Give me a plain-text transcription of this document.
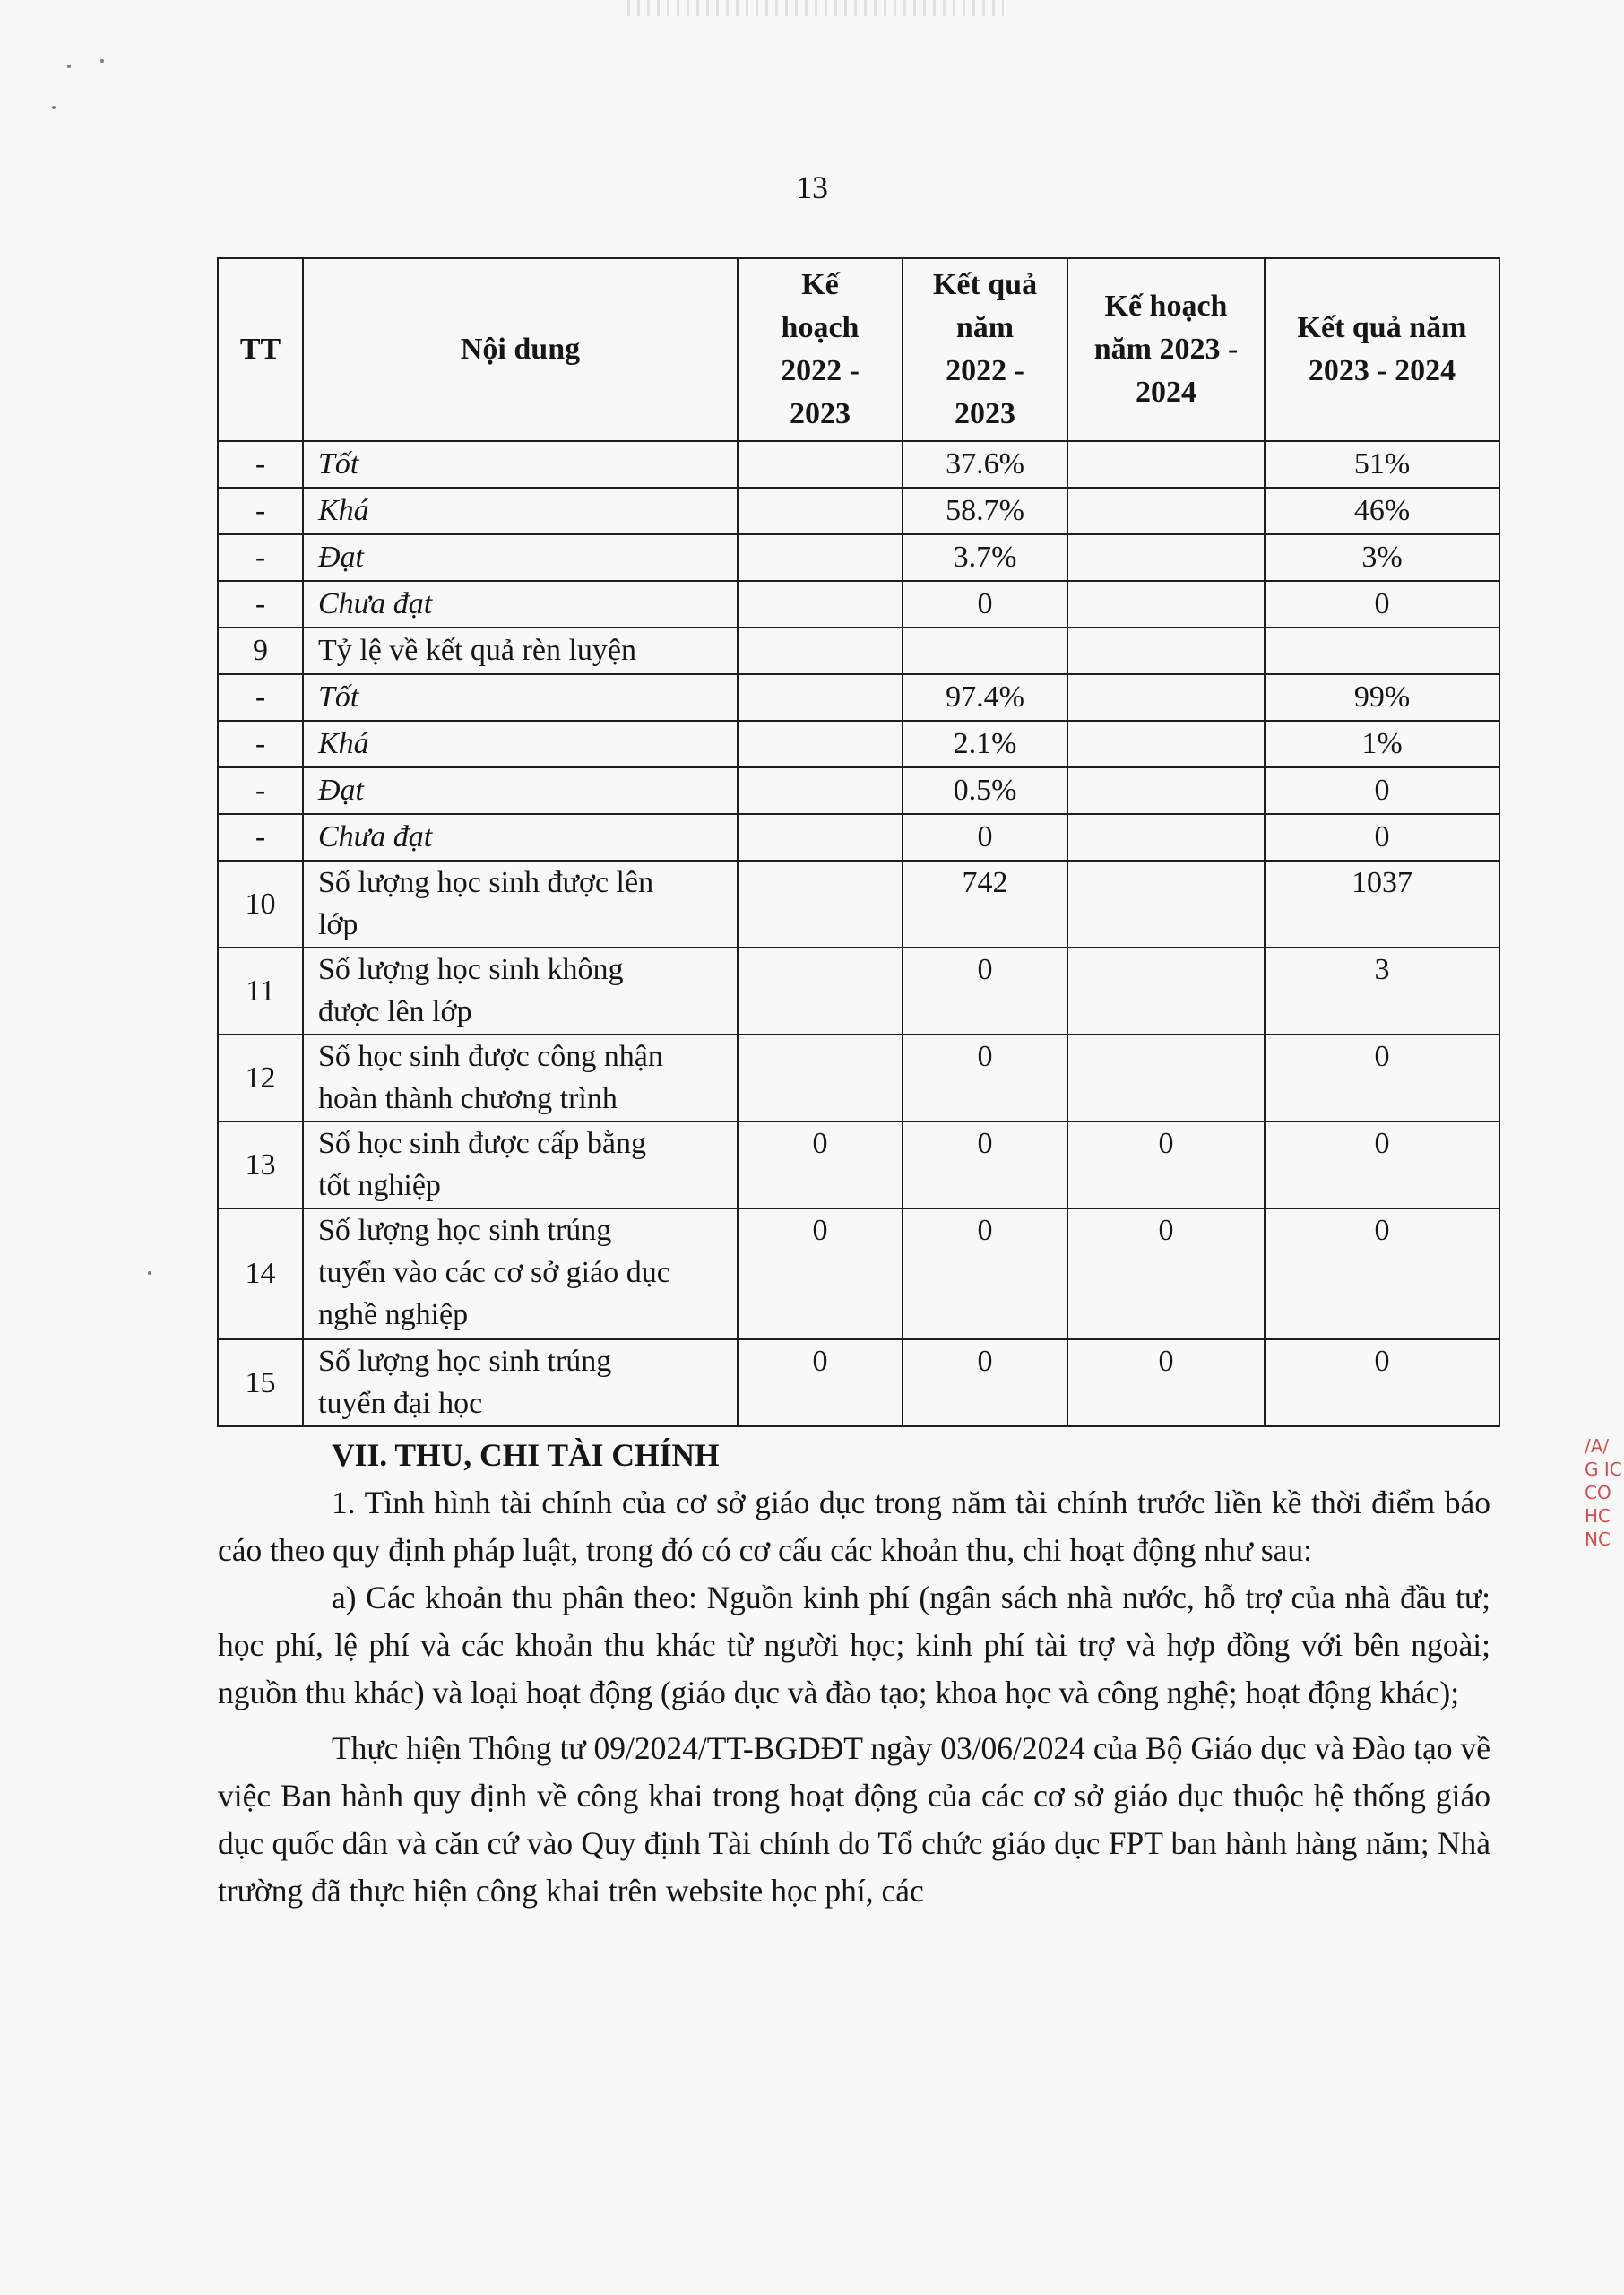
13
TT	Nội dung	Kế
hoạch
2022 -
2023	Kết quả
năm
2022 -
2023	Kế hoạch
năm 2023 -
2024	Kết quả năm
2023 - 2024
-	Tốt		37.6%		51%
-	Khá		58.7%		46%
-	Đạt		3.7%		3%
-	Chưa đạt		0		0
9	Tỷ lệ về kết quả rèn luyện				
-	Tốt		97.4%		99%
-	Khá		2.1%		1%
-	Đạt		0.5%		0
-	Chưa đạt		0		0
10	Số lượng học sinh được lên
lớp		742		1037
11	Số lượng học sinh không
được lên lớp		0		3
12	Số học sinh được công nhận
hoàn thành chương trình		0		0
13	Số học sinh được cấp bằng
tốt nghiệp	0	0	0	0
14	Số lượng học sinh trúng
tuyển vào các cơ sở giáo dục
nghề nghiệp	0	0	0	0
15	Số lượng học sinh trúng
tuyển đại học	0	0	0	0

VII. THU, CHI TÀI CHÍNH

1. Tình hình tài chính của cơ sở giáo dục trong năm tài chính trước liền kề thời điểm báo cáo theo quy định pháp luật, trong đó có cơ cấu các khoản thu, chi hoạt động như sau:

a) Các khoản thu phân theo: Nguồn kinh phí (ngân sách nhà nước, hỗ trợ của nhà đầu tư; học phí, lệ phí và các khoản thu khác từ người học; kinh phí tài trợ và hợp đồng với bên ngoài; nguồn thu khác) và loại hoạt động (giáo dục và đào tạo; khoa học và công nghệ; hoạt động khác);

Thực hiện Thông tư 09/2024/TT-BGDĐT ngày 03/06/2024 của Bộ Giáo dục và Đào tạo về việc Ban hành quy định về công khai trong hoạt động của các cơ sở giáo dục thuộc hệ thống giáo dục quốc dân và căn cứ vào Quy định Tài chính do Tổ chức giáo dục FPT ban hành hàng năm; Nhà trường đã thực hiện công khai trên website học phí, các

/A/ G IC CO HC NC
